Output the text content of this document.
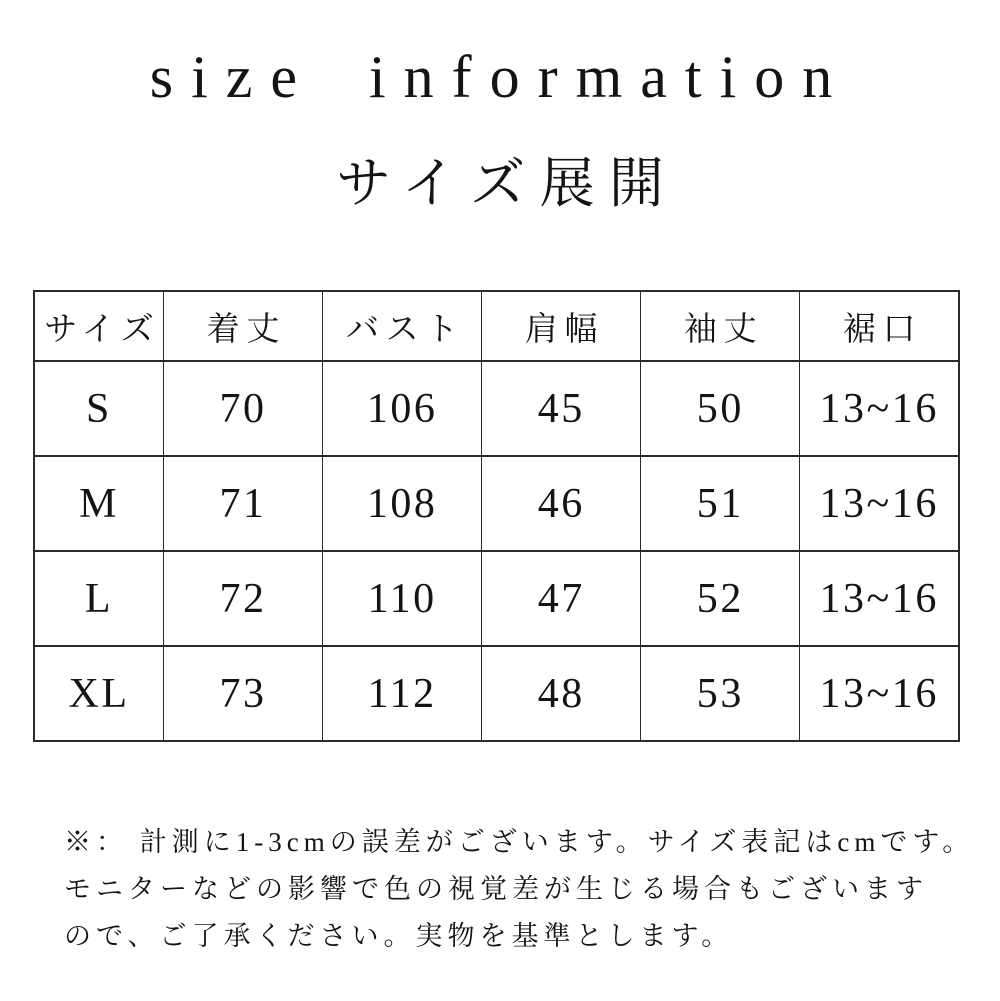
size information
サイズ展開
サイズ	着丈	バスト	肩幅	袖丈	裾口
S	70	106	45	50	13~16
M	71	108	46	51	13~16
L	72	110	47	52	13~16
XL	73	112	48	53	13~16
※： 計測に1-3cmの誤差がございます。サイズ表記はcmです。
モニターなどの影響で色の視覚差が生じる場合もございます
ので、ご了承ください。実物を基準とします。
